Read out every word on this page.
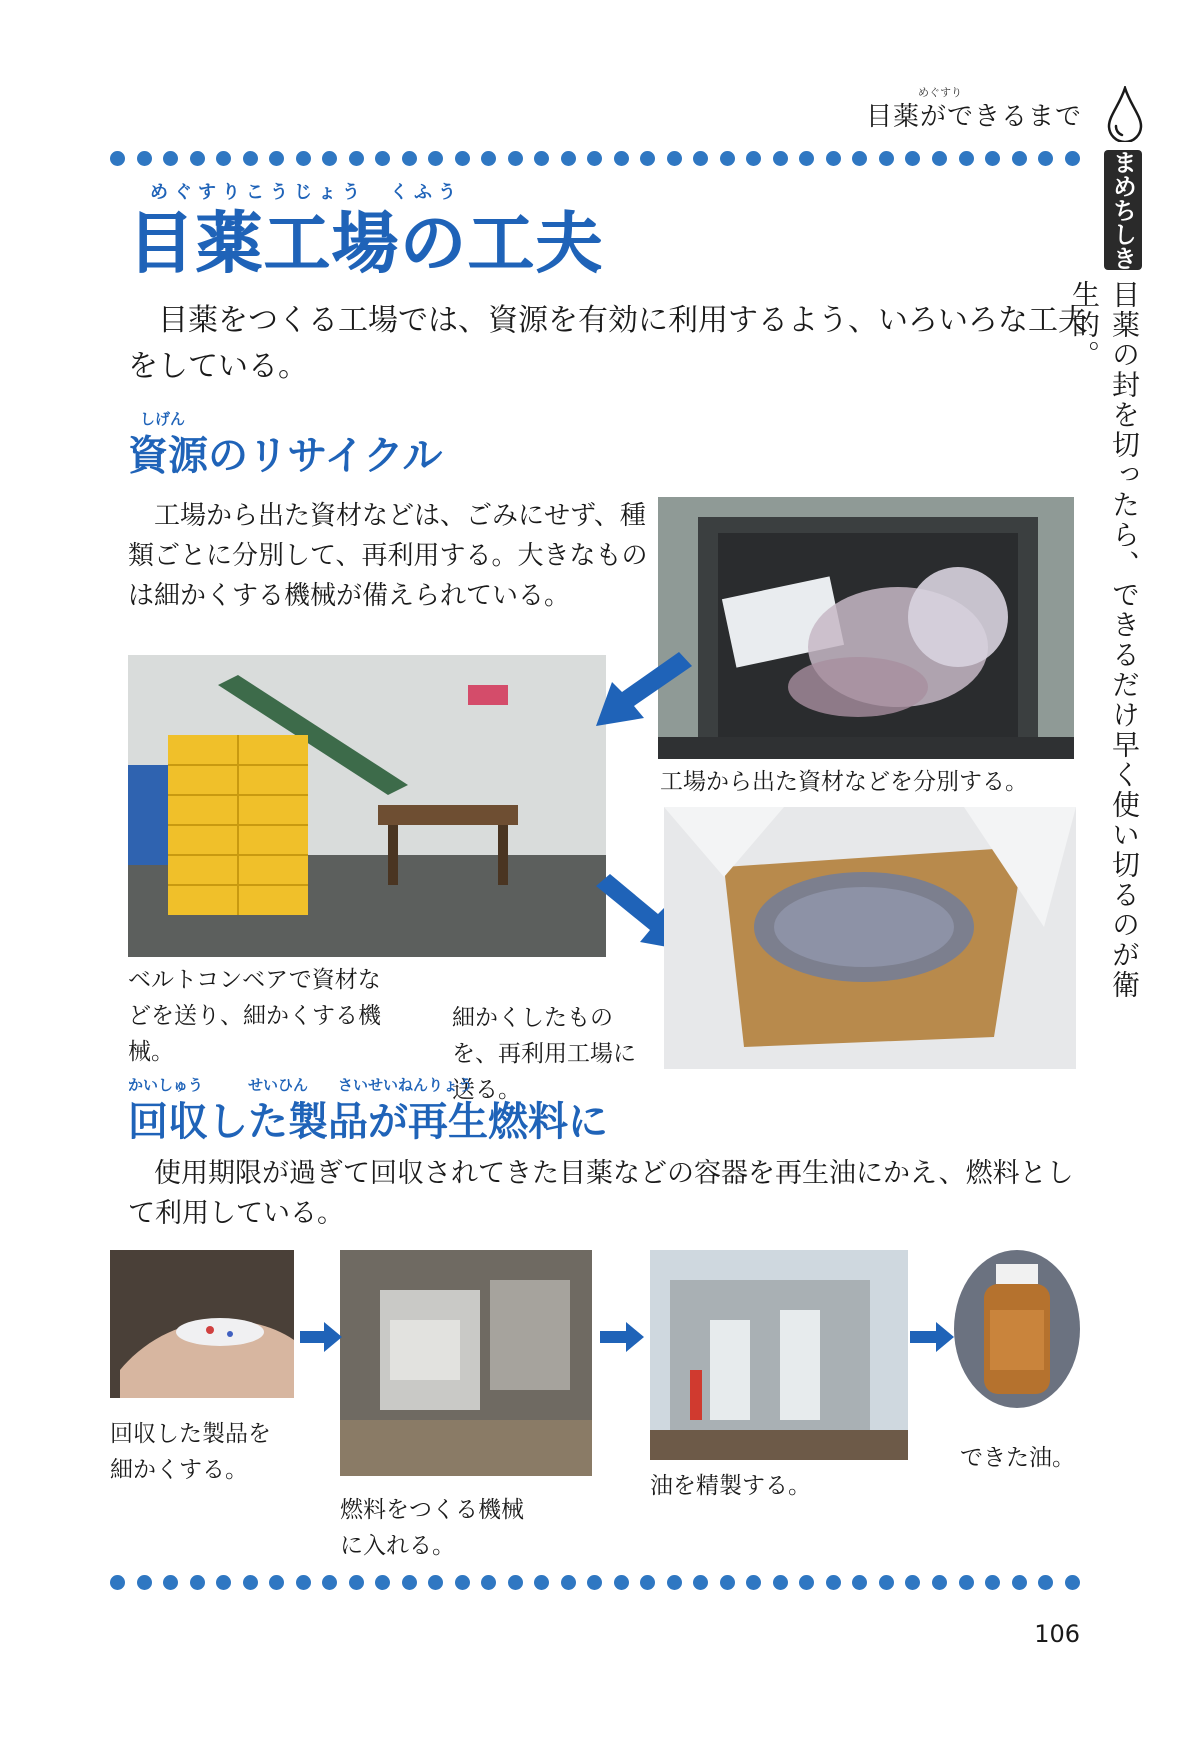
めぐすり
目薬ができるまで
まめちしき
目薬の封を切ったら、できるだけ早く使い切るのが衛生的。
めぐすりこうじょう　くふう
目薬工場の工夫
目薬をつくる工場では、資源を有効に利用するよう、いろいろな工夫をしている。
しげん
資源のリサイクル
工場から出た資材などは、ごみにせず、種類ごとに分別して、再利用する。大きなものは細かくする機械が備えられている。
工場から出た資材などを分別する。
ベルトコンベアで資材などを送り、細かくする機械。
細かくしたものを、再利用工場に送る。
かいしゅう　　　せいひん　　さいせいねんりょう
回収した製品が再生燃料に
使用期限が過ぎて回収されてきた目薬などの容器を再生油にかえ、燃料として利用している。
回収した製品を細かくする。
燃料をつくる機械に入れる。
油を精製する。
できた油。
106
